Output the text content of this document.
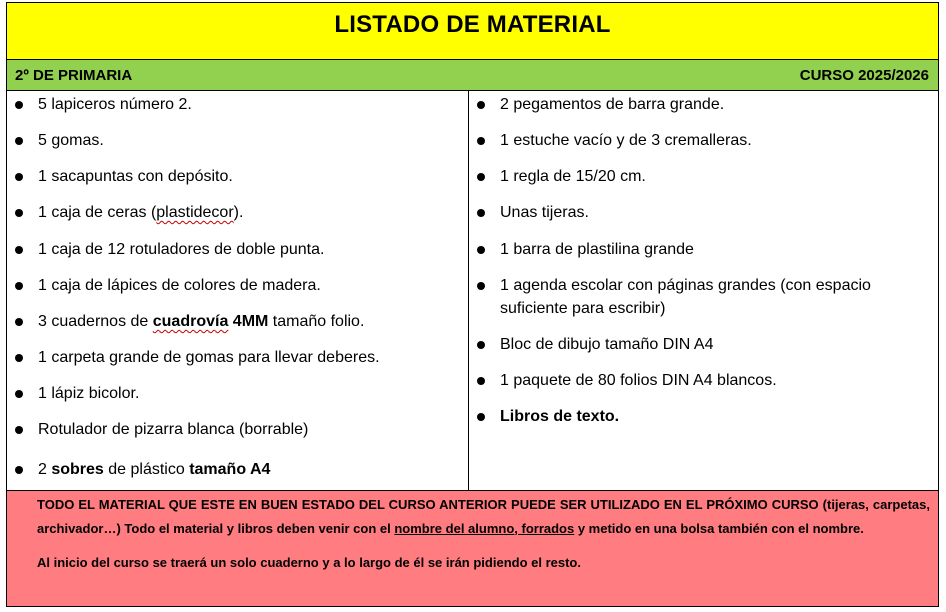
LISTADO DE MATERIAL
2º DE PRIMARIA	CURSO 2025/2026
5 lapiceros número 2.
5 gomas.
1 sacapuntas con depósito.
1 caja de ceras (plastidecor).
1 caja de 12 rotuladores de doble punta.
1 caja de lápices de colores de madera.
3 cuadernos de cuadrovía 4MM tamaño folio.
1 carpeta grande de gomas para llevar deberes.
1 lápiz bicolor.
Rotulador de pizarra blanca (borrable)
2 sobres de plástico tamaño A4
2 pegamentos de barra grande.
1 estuche vacío y de 3 cremalleras.
1 regla de 15/20 cm.
Unas tijeras.
1 barra de plastilina grande
1 agenda escolar con páginas grandes (con espacio
suficiente para escribir)
Bloc de dibujo tamaño DIN A4
1 paquete de 80 folios DIN A4 blancos.
Libros de texto.

TODO EL MATERIAL QUE ESTE EN BUEN ESTADO DEL CURSO ANTERIOR PUEDE SER UTILIZADO EN EL PRÓXIMO CURSO (tijeras, carpetas, archivador…) Todo el material y libros deben venir con el nombre del alumno, forrados y metido en una bolsa también con el nombre.

Al inicio del curso se traerá un solo cuaderno y a lo largo de él se irán pidiendo el resto.
